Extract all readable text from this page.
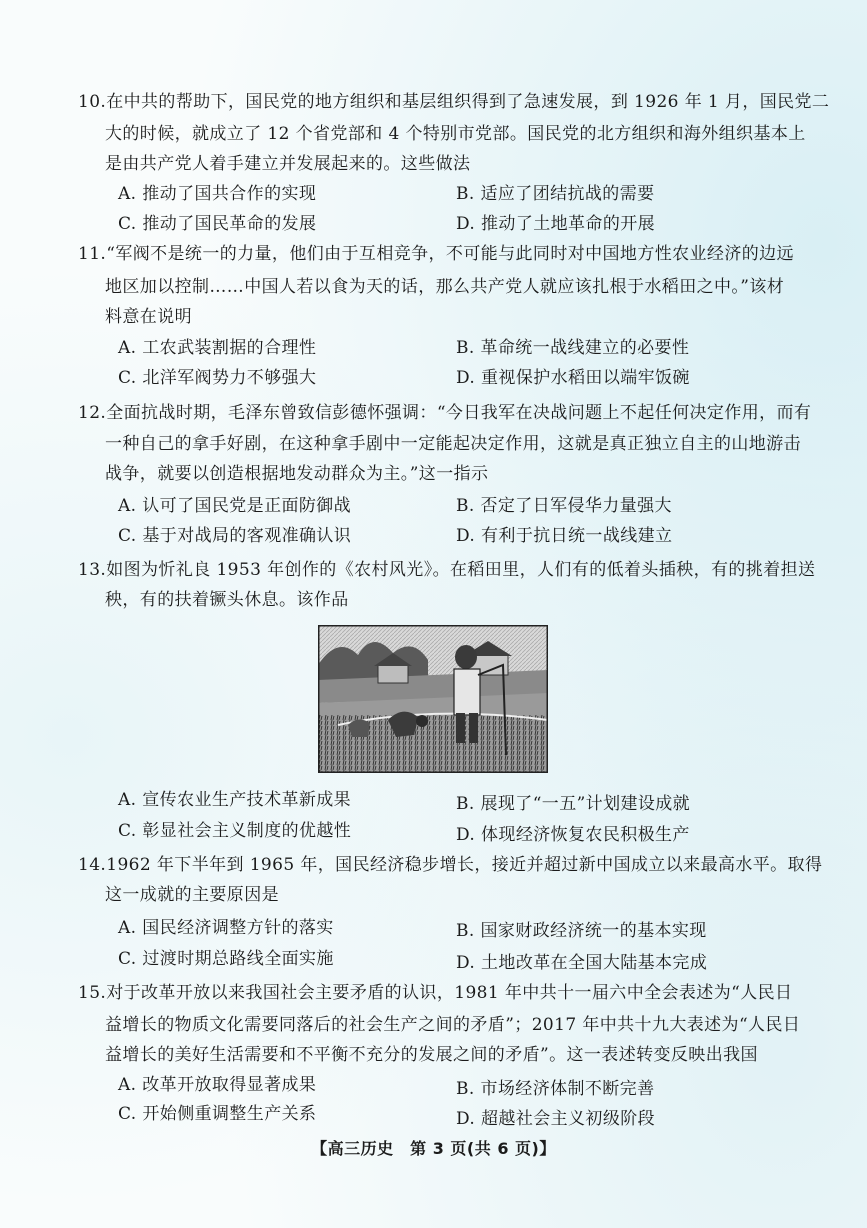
10.在中共的帮助下，国民党的地方组织和基层组织得到了急速发展，到 1926 年 1 月，国民党二
大的时候，就成立了 12 个省党部和 4 个特别市党部。国民党的北方组织和海外组织基本上
是由共产党人着手建立并发展起来的。这些做法
A. 推动了国共合作的实现	B. 适应了团结抗战的需要
C. 推动了国民革命的发展	D. 推动了土地革命的开展
11.“军阀不是统一的力量，他们由于互相竞争，不可能与此同时对中国地方性农业经济的边远
地区加以控制……中国人若以食为天的话，那么共产党人就应该扎根于水稻田之中。”该材
料意在说明
A. 工农武装割据的合理性	B. 革命统一战线建立的必要性
C. 北洋军阀势力不够强大	D. 重视保护水稻田以端牢饭碗
12.全面抗战时期，毛泽东曾致信彭德怀强调：“今日我军在决战问题上不起任何决定作用，而有
一种自己的拿手好剧，在这种拿手剧中一定能起决定作用，这就是真正独立自主的山地游击
战争，就要以创造根据地发动群众为主。”这一指示
A. 认可了国民党是正面防御战	B. 否定了日军侵华力量强大
C. 基于对战局的客观准确认识	D. 有利于抗日统一战线建立
13.如图为忻礼良 1953 年创作的《农村风光》。在稻田里，人们有的低着头插秧，有的挑着担送
秧，有的扶着镢头休息。该作品
A. 宣传农业生产技术革新成果	B. 展现了“一五”计划建设成就
C. 彰显社会主义制度的优越性	D. 体现经济恢复农民积极生产
14.1962 年下半年到 1965 年，国民经济稳步增长，接近并超过新中国成立以来最高水平。取得
这一成就的主要原因是
A. 国民经济调整方针的落实	B. 国家财政经济统一的基本实现
C. 过渡时期总路线全面实施	D. 土地改革在全国大陆基本完成
15.对于改革开放以来我国社会主要矛盾的认识，1981 年中共十一届六中全会表述为“人民日
益增长的物质文化需要同落后的社会生产之间的矛盾”；2017 年中共十九大表述为“人民日
益增长的美好生活需要和不平衡不充分的发展之间的矛盾”。这一表述转变反映出我国
A. 改革开放取得显著成果	B. 市场经济体制不断完善
C. 开始侧重调整生产关系	D. 超越社会主义初级阶段
【高三历史　第 3 页(共 6 页)】
